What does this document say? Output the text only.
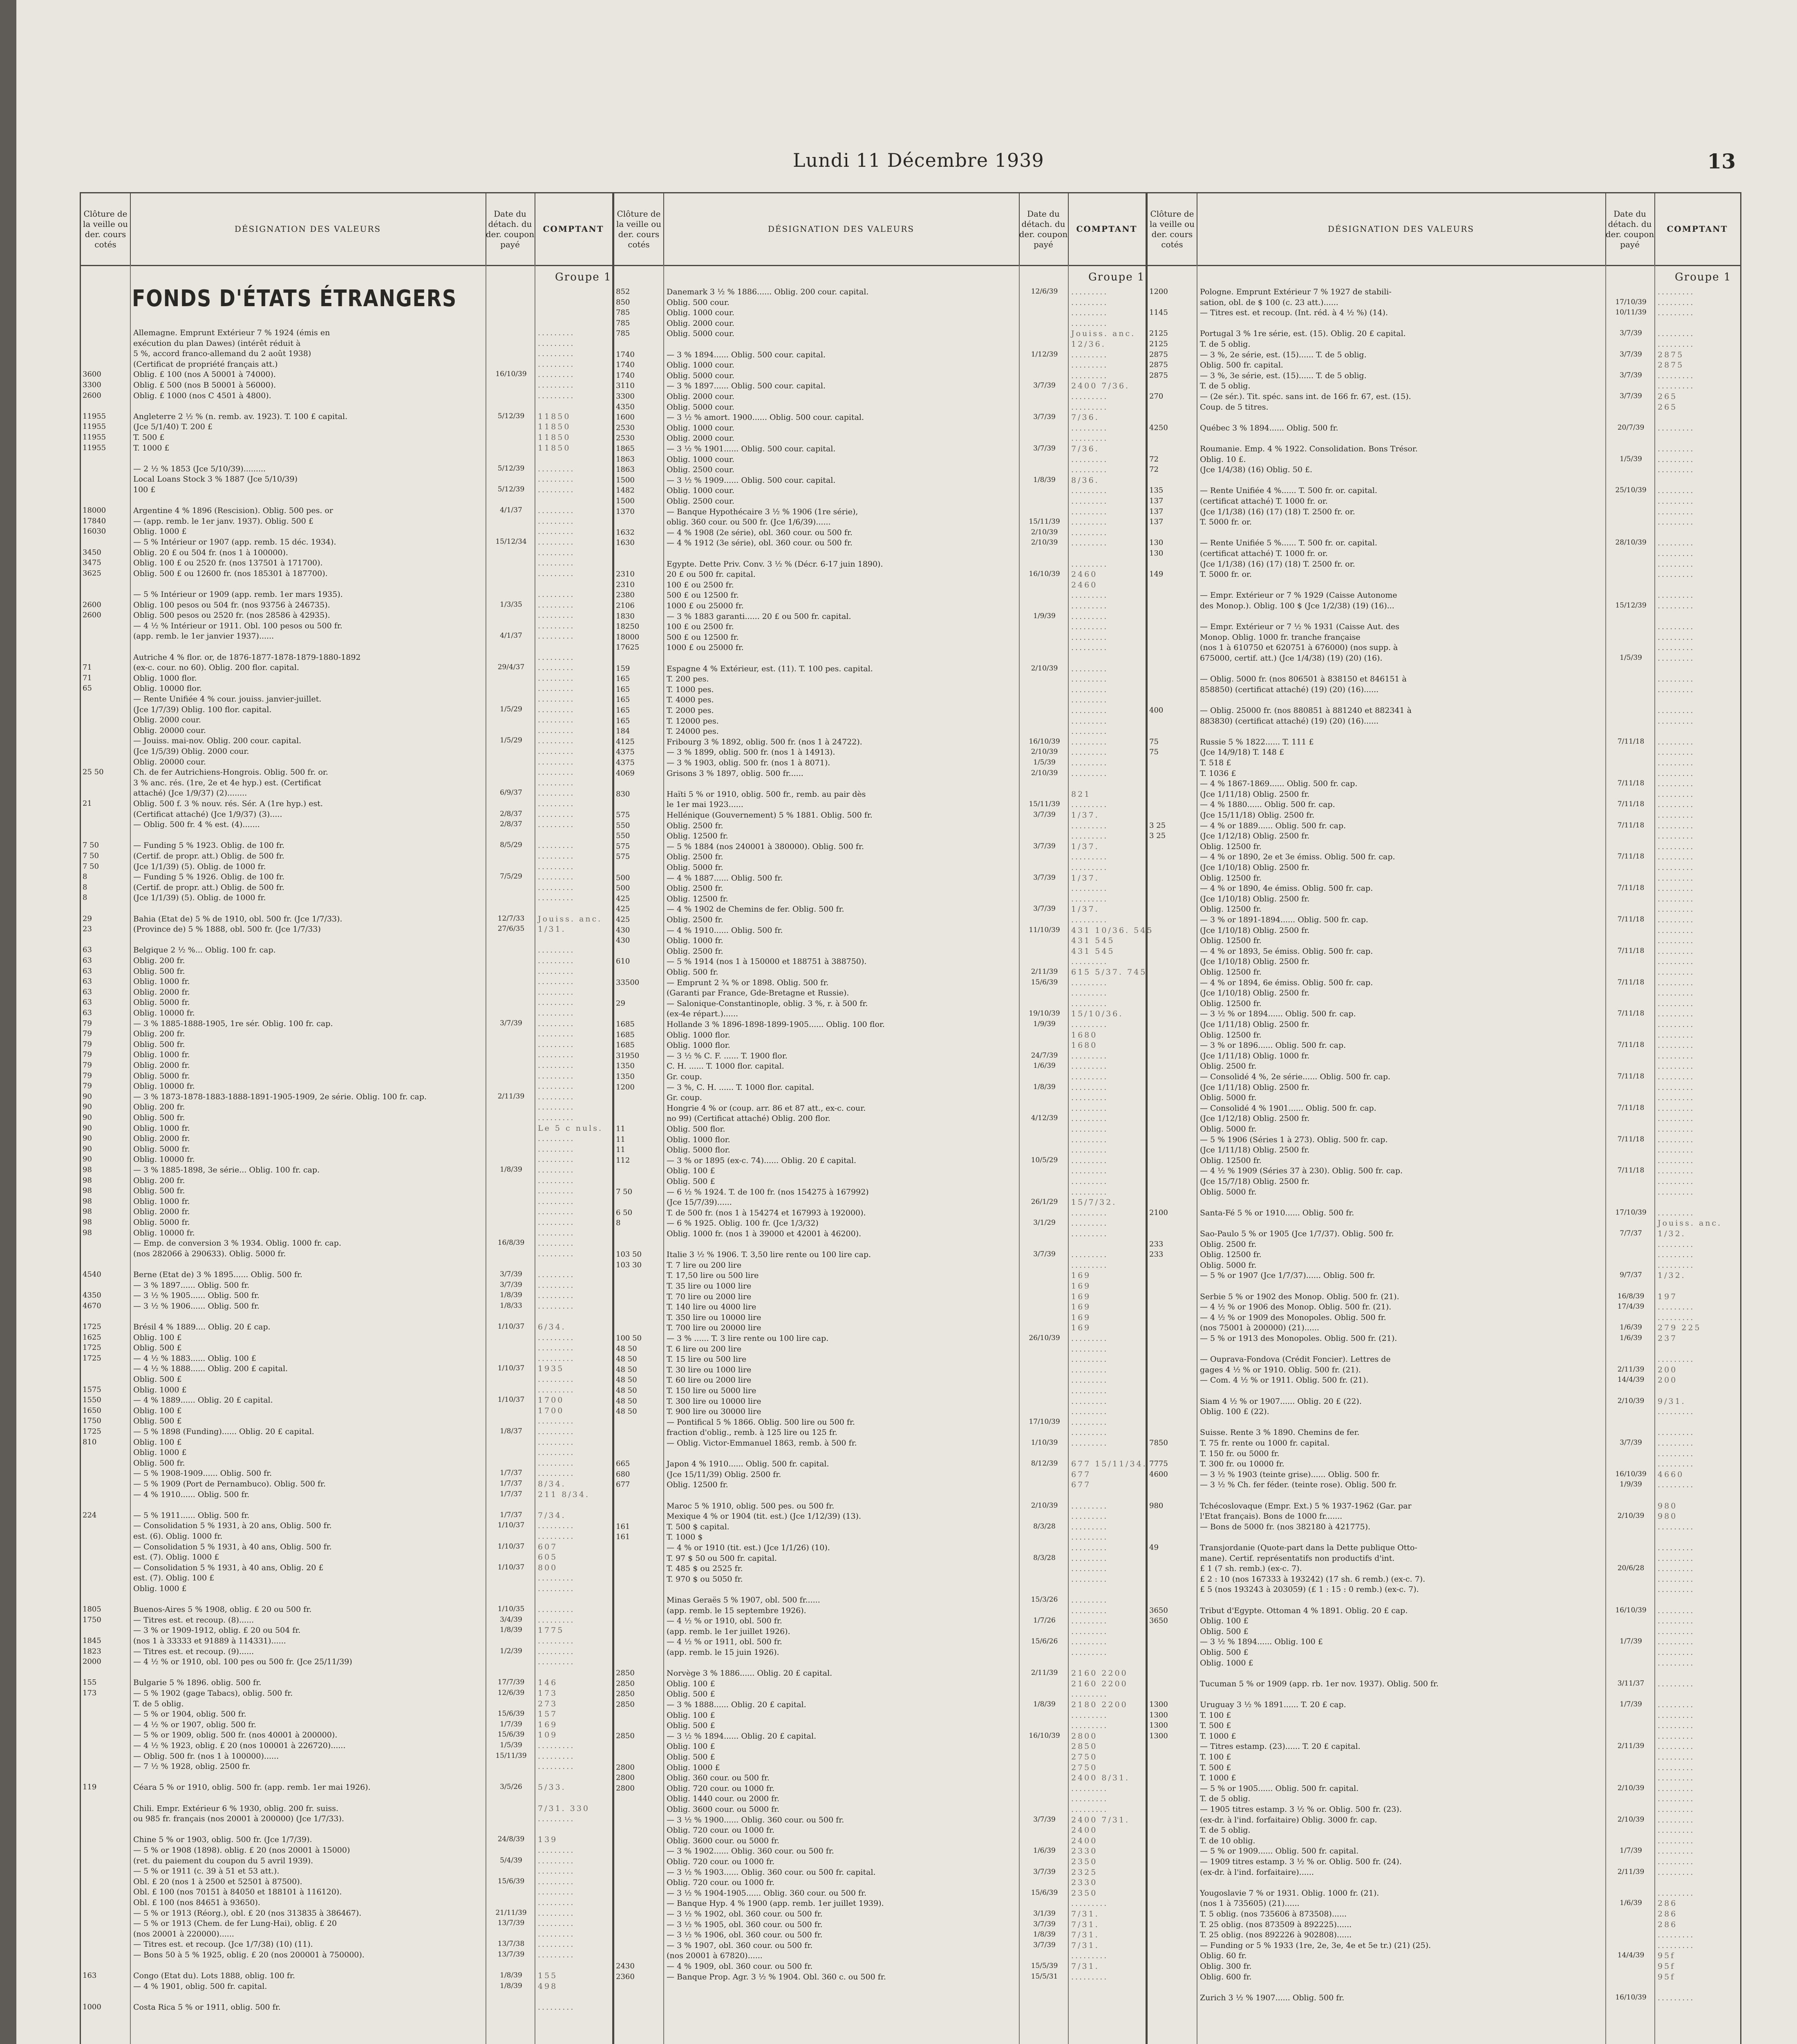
Lundi 11 Décembre 1939	13
Clôture de la veille ou der. cours cotés
DÉSIGNATION DES VALEURS
Date du détach. du der. coupon payé
COMPTANT
Groupe 1
FONDS D'ÉTATS ÉTRANGERS
Allemagne. Emprunt Extérieur 7 % 1924 (émis en	.........
exécution du plan Dawes) (intérêt réduit à	.........
5 %, accord franco-allemand du 2 août 1938)	.........
(Certificat de propriété français att.)	.........
3600	Oblig. £ 100 (nos A 50001 à 74000).	16/10/39	.........
3300	Oblig. £ 500 (nos B 50001 à 56000).	.........
2600	Oblig. £ 1000 (nos C 4501 à 4800).	.........
11955	Angleterre 2 ½ % (n. remb. av. 1923). T. 100 £ capital.	5/12/39	11850
11955	(Jce 5/1/40) T. 200 £	11850
11955	T. 500 £	11850
11955	T. 1000 £	11850
— 2 ½ % 1853 (Jce 5/10/39).........	5/12/39	.........
Local Loans Stock 3 % 1887 (Jce 5/10/39)	.........
100 £	5/12/39	.........
18000	Argentine 4 % 1896 (Rescision). Oblig. 500 pes. or	4/1/37	.........
17840	— (app. remb. le 1er janv. 1937). Oblig. 500 £	.........
16030	Oblig. 1000 £	.........
— 5 % Intérieur or 1907 (app. remb. 15 déc. 1934).	15/12/34	.........
3450	Oblig. 20 £ ou 504 fr. (nos 1 à 100000).	.........
3475	Oblig. 100 £ ou 2520 fr. (nos 137501 à 171700).	.........
3625	Oblig. 500 £ ou 12600 fr. (nos 185301 à 187700).	.........
— 5 % Intérieur or 1909 (app. remb. 1er mars 1935).	.........
2600	Oblig. 100 pesos ou 504 fr. (nos 93756 à 246735).	1/3/35	.........
2600	Oblig. 500 pesos ou 2520 fr. (nos 28586 à 42935).	.........
— 4 ½ % Intérieur or 1911. Obl. 100 pesos ou 500 fr.	.........
(app. remb. le 1er janvier 1937)......	4/1/37	.........
Autriche 4 % flor. or, de 1876-1877-1878-1879-1880-1892	.........
71	(ex-c. cour. no 60). Oblig. 200 flor. capital.	29/4/37	.........
71	Oblig. 1000 flor.	.........
65	Oblig. 10000 flor.	.........
— Rente Unifiée 4 % cour. jouiss. janvier-juillet.	.........
(Jce 1/7/39) Oblig. 100 flor. capital.	1/5/29	.........
Oblig. 2000 cour.	.........
Oblig. 20000 cour.	.........
— Jouiss. mai-nov. Oblig. 200 cour. capital.	1/5/29	.........
(Jce 1/5/39) Oblig. 2000 cour.	.........
Oblig. 20000 cour.	.........
25 50	Ch. de fer Autrichiens-Hongrois. Oblig. 500 fr. or.	.........
3 % anc. rés. (1re, 2e et 4e hyp.) est. (Certificat	.........
attaché) (Jce 1/9/37) (2)........	6/9/37	.........
21	Oblig. 500 f. 3 % nouv. rés. Sér. A (1re hyp.) est.	.........
(Certificat attaché) (Jce 1/9/37) (3).....	2/8/37	.........
— Oblig. 500 fr. 4 % est. (4).......	2/8/37	.........
7 50	— Funding 5 % 1923. Oblig. de 100 fr.	8/5/29	.........
7 50	(Certif. de propr. att.) Oblig. de 500 fr.	.........
7 50	(Jce 1/1/39) (5). Oblig. de 1000 fr.	.........
8	— Funding 5 % 1926. Oblig. de 100 fr.	7/5/29	.........
8	(Certif. de propr. att.) Oblig. de 500 fr.	.........
8	(Jce 1/1/39) (5). Oblig. de 1000 fr.	.........
29	Bahia (Etat de) 5 % de 1910, obl. 500 fr. (Jce 1/7/33).	12/7/33	Jouiss. anc.
23	(Province de) 5 % 1888, obl. 500 fr. (Jce 1/7/33)	27/6/35	1/31.
63	Belgique 2 ½ %... Oblig. 100 fr. cap.	.........
63	Oblig. 200 fr.	.........
63	Oblig. 500 fr.	.........
63	Oblig. 1000 fr.	.........
63	Oblig. 2000 fr.	.........
63	Oblig. 5000 fr.	.........
63	Oblig. 10000 fr.	.........
79	— 3 % 1885-1888-1905, 1re sér. Oblig. 100 fr. cap.	3/7/39	.........
79	Oblig. 200 fr.	.........
79	Oblig. 500 fr.	.........
79	Oblig. 1000 fr.	.........
79	Oblig. 2000 fr.	.........
79	Oblig. 5000 fr.	.........
79	Oblig. 10000 fr.	.........
90	— 3 % 1873-1878-1883-1888-1891-1905-1909, 2e série. Oblig. 100 fr. cap.	2/11/39	.........
90	Oblig. 200 fr.	.........
90	Oblig. 500 fr.	.........
90	Oblig. 1000 fr.	Le 5 c nuls.
90	Oblig. 2000 fr.	.........
90	Oblig. 5000 fr.	.........
90	Oblig. 10000 fr.	.........
98	— 3 % 1885-1898, 3e série... Oblig. 100 fr. cap.	1/8/39	.........
98	Oblig. 200 fr.	.........
98	Oblig. 500 fr.	.........
98	Oblig. 1000 fr.	.........
98	Oblig. 2000 fr.	.........
98	Oblig. 5000 fr.	.........
98	Oblig. 10000 fr.	.........
— Emp. de conversion 3 % 1934. Oblig. 1000 fr. cap.	16/8/39	.........
(nos 282066 à 290633). Oblig. 5000 fr.	.........
4540	Berne (Etat de) 3 % 1895...... Oblig. 500 fr.	3/7/39	.........
— 3 % 1897...... Oblig. 500 fr.	3/7/39	.........
4350	— 3 ½ % 1905...... Oblig. 500 fr.	1/8/39	.........
4670	— 3 ½ % 1906...... Oblig. 500 fr.	1/8/33	.........
1725	Brésil 4 % 1889.... Oblig. 20 £ cap.	1/10/37	6/34.
1625	Oblig. 100 £	.........
1725	Oblig. 500 £	.........
1725	— 4 ½ % 1883...... Oblig. 100 £	.........
— 4 ½ % 1888...... Oblig. 200 £ capital.	1/10/37	1935
Oblig. 500 £	.........
1575	Oblig. 1000 £	.........
1550	— 4 % 1889...... Oblig. 20 £ capital.	1/10/37	1700
1650	Oblig. 100 £	1700
1750	Oblig. 500 £	.........
1725	— 5 % 1898 (Funding)...... Oblig. 20 £ capital.	1/8/37	.........
810	Oblig. 100 £	.........
Oblig. 1000 £	.........
Oblig. 500 fr.	.........
— 5 % 1908-1909...... Oblig. 500 fr.	1/7/37	.........
— 5 % 1909 (Port de Pernambuco). Oblig. 500 fr.	1/7/37	8/34.
— 4 % 1910...... Oblig. 500 fr.	1/7/37	211 8/34.
224	— 5 % 1911...... Oblig. 500 fr.	1/7/37	7/34.
— Consolidation 5 % 1931, à 20 ans, Oblig. 500 fr.	1/10/37	.........
est. (6). Oblig. 1000 fr.	.........
— Consolidation 5 % 1931, à 40 ans, Oblig. 500 fr.	1/10/37	607
est. (7). Oblig. 1000 £	605
— Consolidation 5 % 1931, à 40 ans, Oblig. 20 £	1/10/37	800
est. (7). Oblig. 100 £	.........
Oblig. 1000 £	.........
1805	Buenos-Aires 5 % 1908, oblig. £ 20 ou 500 fr.	1/10/35	.........
1750	— Titres est. et recoup. (8)......	3/4/39	.........
— 3 % or 1909-1912, oblig. £ 20 ou 504 fr.	1/8/39	1775
1845	(nos 1 à 33333 et 91889 à 114331)......	.........
1823	— Titres est. et recoup. (9)......	1/2/39	.........
2000	— 4 ½ % or 1910, obl. 100 pes ou 500 fr. (Jce 25/11/39)	.........
155	Bulgarie 5 % 1896. oblig. 500 fr.	17/7/39	146
173	— 5 % 1902 (gage Tabacs), oblig. 500 fr.	12/6/39	173
T. de 5 oblig.	273
— 5 % or 1904, oblig. 500 fr.	15/6/39	157
— 4 ½ % or 1907, oblig. 500 fr.	1/7/39	169
— 5 % or 1909, oblig. 500 fr. (nos 40001 à 200000).	15/6/39	109
— 4 ½ % 1923, oblig. £ 20 (nos 100001 à 226720)......	1/5/39	.........
— Oblig. 500 fr. (nos 1 à 100000)......	15/11/39	.........
— 7 ½ % 1928, oblig. 2500 fr.	.........
119	Céara 5 % or 1910, oblig. 500 fr. (app. remb. 1er mai 1926).	3/5/26	5/33.
Chili. Empr. Extérieur 6 % 1930, oblig. 200 fr. suiss.	7/31. 330
ou 985 fr. français (nos 20001 à 200000) (Jce 1/7/33).	.........
Chine 5 % or 1903, oblig. 500 fr. (Jce 1/7/39).	24/8/39	139
— 5 % or 1908 (1898). oblig. £ 20 (nos 20001 à 15000)	.........
(ret. du paiement du coupon du 5 avril 1939).	5/4/39	.........
— 5 % or 1911 (c. 39 à 51 et 53 att.).	.........
Obl. £ 20 (nos 1 à 2500 et 52501 à 87500).	15/6/39	.........
Obl. £ 100 (nos 70151 à 84050 et 188101 à 116120).	.........
Obl. £ 100 (nos 84651 à 93650).	.........
— 5 % or 1913 (Réorg.), obl. £ 20 (nos 313835 à 386467).	21/11/39	.........
— 5 % or 1913 (Chem. de fer Lung-Hai), oblig. £ 20	13/7/39	.........
(nos 20001 à 220000)......	.........
— Titres est. et recoup. (Jce 1/7/38) (10) (11).	13/7/38	.........
— Bons 50 à 5 % 1925, oblig. £ 20 (nos 200001 à 750000).	13/7/39	.........
163	Congo (Etat du). Lots 1888, oblig. 100 fr.	1/8/39	155
— 4 % 1901, oblig. 500 fr. capital.	1/8/39	498
1000	Costa Rica 5 % or 1911, oblig. 500 fr.	.........
Clôture de la veille ou der. cours cotés
DÉSIGNATION DES VALEURS
Date du détach. du der. coupon payé
COMPTANT
Groupe 1
852	Danemark 3 ½ % 1886...... Oblig. 200 cour. capital.	12/6/39	.........
850	Oblig. 500 cour.	.........
785	Oblig. 1000 cour.	.........
785	Oblig. 2000 cour.	.........
785	Oblig. 5000 cour.	Jouiss. anc.
12/36.
1740	— 3 % 1894...... Oblig. 500 cour. capital.	1/12/39	.........
1740	Oblig. 1000 cour.	.........
1740	Oblig. 5000 cour.	.........
3110	— 3 % 1897...... Oblig. 500 cour. capital.	3/7/39	2400 7/36.
3300	Oblig. 2000 cour.	.........
4350	Oblig. 5000 cour.	.........
1600	— 3 ½ % amort. 1900...... Oblig. 500 cour. capital.	3/7/39	7/36.
2530	Oblig. 1000 cour.	.........
2530	Oblig. 2000 cour.	.........
1865	— 3 ½ % 1901...... Oblig. 500 cour. capital.	3/7/39	7/36.
1863	Oblig. 1000 cour.	.........
1863	Oblig. 2500 cour.	.........
1500	— 3 ½ % 1909...... Oblig. 500 cour. capital.	1/8/39	8/36.
1482	Oblig. 1000 cour.	.........
1500	Oblig. 2500 cour.	.........
1370	— Banque Hypothécaire 3 ½ % 1906 (1re série),	.........
oblig. 360 cour. ou 500 fr. (Jce 1/6/39)......	15/11/39	.........
1632	— 4 % 1908 (2e série), obl. 360 cour. ou 500 fr.	2/10/39	.........
1630	— 4 % 1912 (3e série), obl. 360 cour. ou 500 fr.	2/10/39	.........
Egypte. Dette Priv. Conv. 3 ½ % (Décr. 6-17 juin 1890).	.........
2310	20 £ ou 500 fr. capital.	16/10/39	2460
2310	100 £ ou 2500 fr.	2460
2380	500 £ ou 12500 fr.	.........
2106	1000 £ ou 25000 fr.	.........
1830	— 3 % 1883 garanti...... 20 £ ou 500 fr. capital.	1/9/39	.........
18250	100 £ ou 2500 fr.	.........
18000	500 £ ou 12500 fr.	.........
17625	1000 £ ou 25000 fr.	.........
159	Espagne 4 % Extérieur, est. (11). T. 100 pes. capital.	2/10/39	.........
165	T. 200 pes.	.........
165	T. 1000 pes.	.........
165	T. 4000 pes.	.........
165	T. 2000 pes.	.........
165	T. 12000 pes.	.........
184	T. 24000 pes.	.........
4125	Fribourg 3 % 1892, oblig. 500 fr. (nos 1 à 24722).	16/10/39	.........
4375	— 3 % 1899, oblig. 500 fr. (nos 1 à 14913).	2/10/39	.........
4375	— 3 % 1903, oblig. 500 fr. (nos 1 à 8071).	1/5/39	.........
4069	Grisons 3 % 1897, oblig. 500 fr......	2/10/39	.........
830	Haïti 5 % or 1910, oblig. 500 fr., remb. au pair dès	821
le 1er mai 1923......	15/11/39	.........
575	Hellénique (Gouvernement) 5 % 1881. Oblig. 500 fr.	3/7/39	1/37.
550	Oblig. 2500 fr.	.........
550	Oblig. 12500 fr.	.........
575	— 5 % 1884 (nos 240001 à 380000). Oblig. 500 fr.	3/7/39	1/37.
575	Oblig. 2500 fr.	.........
Oblig. 5000 fr.	.........
500	— 4 % 1887...... Oblig. 500 fr.	3/7/39	1/37.
500	Oblig. 2500 fr.	.........
425	Oblig. 12500 fr.	.........
425	— 4 % 1902 de Chemins de fer. Oblig. 500 fr.	3/7/39	1/37.
425	Oblig. 2500 fr.	.........
430	— 4 % 1910...... Oblig. 500 fr.	11/10/39	431 10/36. 545
430	Oblig. 1000 fr.	431 545
Oblig. 2500 fr.	431 545
610	— 5 % 1914 (nos 1 à 150000 et 188751 à 388750).	.........
Oblig. 500 fr.	2/11/39	615 5/37. 745
33500	— Emprunt 2 ¾ % or 1898. Oblig. 500 fr.	15/6/39	.........
(Garanti par France, Gde-Bretagne et Russie).	.........
29	— Salonique-Constantinople, oblig. 3 %, r. à 500 fr.	.........
(ex-4e répart.)......	19/10/39	15/10/36.
1685	Hollande 3 % 1896-1898-1899-1905...... Oblig. 100 flor.	1/9/39	.........
1685	Oblig. 1000 flor.	1680
1685	Oblig. 1000 flor.	1680
31950	— 3 ½ % C. F. ...... T. 1900 flor.	24/7/39	.........
1350	C. H. ...... T. 1000 flor. capital.	1/6/39	.........
1350	Gr. coup.	.........
1200	— 3 %, C. H. ...... T. 1000 flor. capital.	1/8/39	.........
Gr. coup.	.........
Hongrie 4 % or (coup. arr. 86 et 87 att., ex-c. cour.	.........
no 99) (Certificat attaché) Oblig. 200 flor.	4/12/39	.........
11	Oblig. 500 flor.	.........
11	Oblig. 1000 flor.	.........
11	Oblig. 5000 flor.	.........
112	— 3 % or 1895 (ex-c. 74)...... Oblig. 20 £ capital.	10/5/29	.........
Oblig. 100 £	.........
Oblig. 500 £	.........
7 50	— 6 ½ % 1924. T. de 100 fr. (nos 154275 à 167992)	.........
(Jce 15/7/39)......	26/1/29	15/7/32.
6 50	T. de 500 fr. (nos 1 à 154274 et 167993 à 192000).	.........
8	— 6 % 1925. Oblig. 100 fr. (Jce 1/3/32)	3/1/29	.........
Oblig. 1000 fr. (nos 1 à 39000 et 42001 à 46200).	.........
103 50	Italie 3 ½ % 1906. T. 3,50 lire rente ou 100 lire cap.	3/7/39	.........
103 30	T. 7 lire ou 200 lire	.........
T. 17,50 lire ou 500 lire	169
T. 35 lire ou 1000 lire	169
T. 70 lire ou 2000 lire	169
T. 140 lire ou 4000 lire	169
T. 350 lire ou 10000 lire	169
T. 700 lire ou 20000 lire	169
100 50	— 3 % ...... T. 3 lire rente ou 100 lire cap.	26/10/39	.........
48 50	T. 6 lire ou 200 lire	.........
48 50	T. 15 lire ou 500 lire	.........
48 50	T. 30 lire ou 1000 lire	.........
48 50	T. 60 lire ou 2000 lire	.........
48 50	T. 150 lire ou 5000 lire	.........
48 50	T. 300 lire ou 10000 lire	.........
48 50	T. 900 lire ou 30000 lire	.........
— Pontifical 5 % 1866. Oblig. 500 lire ou 500 fr.	17/10/39	.........
fraction d'oblig., remb. à 125 lire ou 125 fr.	.........
— Oblig. Victor-Emmanuel 1863, remb. à 500 fr.	1/10/39	.........
665	Japon 4 % 1910...... Oblig. 500 fr. capital.	8/12/39	677 15/11/34.
680	(Jce 15/11/39) Oblig. 2500 fr.	677
677	Oblig. 12500 fr.	677
Maroc 5 % 1910, oblig. 500 pes. ou 500 fr.	2/10/39	.........
Mexique 4 % or 1904 (tit. est.) (Jce 1/12/39) (13).	.........
161	T. 500 $ capital.	8/3/28	.........
161	T. 1000 $	.........
— 4 % or 1910 (tit. est.) (Jce 1/1/26) (10).	.........
T. 97 $ 50 ou 500 fr. capital.	8/3/28	.........
T. 485 $ ou 2525 fr.	.........
T. 970 $ ou 5050 fr.	.........
Minas Geraës 5 % 1907, obl. 500 fr......	15/3/26	.........
(app. remb. le 15 septembre 1926).	.........
— 4 ½ % or 1910, obl. 500 fr.	1/7/26	.........
(app. remb. le 1er juillet 1926).	.........
— 4 ½ % or 1911, obl. 500 fr.	15/6/26	.........
(app. remb. le 15 juin 1926).	.........
2850	Norvège 3 % 1886...... Oblig. 20 £ capital.	2/11/39	2160 2200
2850	Oblig. 100 £	2160 2200
2850	Oblig. 500 £	.........
2850	— 3 % 1888...... Oblig. 20 £ capital.	1/8/39	2180 2200
Oblig. 100 £	.........
Oblig. 500 £	.........
2850	— 3 ½ % 1894...... Oblig. 20 £ capital.	16/10/39	2800
Oblig. 100 £	2850
Oblig. 500 £	2750
2800	Oblig. 1000 £	2750
2800	Oblig. 360 cour. ou 500 fr.	2400 8/31.
2800	Oblig. 720 cour. ou 1000 fr.	.........
Oblig. 1440 cour. ou 2000 fr.	.........
Oblig. 3600 cour. ou 5000 fr.	.........
— 3 ½ % 1900...... Oblig. 360 cour. ou 500 fr.	3/7/39	2400 7/31.
Oblig. 720 cour. ou 1000 fr.	2400
Oblig. 3600 cour. ou 5000 fr.	2400
— 3 % 1902...... Oblig. 360 cour. ou 500 fr.	1/6/39	2330
Oblig. 720 cour. ou 1000 fr.	2350
— 3 ½ % 1903...... Oblig. 360 cour. ou 500 fr. capital.	3/7/39	2325
Oblig. 720 cour. ou 1000 fr.	2330
— 3 ½ % 1904-1905...... Oblig. 360 cour. ou 500 fr.	15/6/39	2350
— Banque Hyp. 4 % 1900 (app. remb. 1er juillet 1939).	.........
— 3 ½ % 1902, obl. 360 cour. ou 500 fr.	3/1/39	7/31.
— 3 ½ % 1905, obl. 360 cour. ou 500 fr.	3/7/39	7/31.
— 3 ½ % 1906, obl. 360 cour. ou 500 fr.	1/8/39	7/31.
— 3 % 1907, obl. 360 cour. ou 500 fr.	3/7/39	7/31.
(nos 20001 à 67820)......	.........
2430	— 4 % 1909, obl. 360 cour. ou 500 fr.	15/5/39	7/31.
2360	— Banque Prop. Agr. 3 ½ % 1904. Obl. 360 c. ou 500 fr.	15/5/31	.........
Clôture de la veille ou der. cours cotés
DÉSIGNATION DES VALEURS
Date du détach. du der. coupon payé
COMPTANT
Groupe 1
1200	Pologne. Emprunt Extérieur 7 % 1927 de stabili-	.........
sation, obl. de $ 100 (c. 23 att.)......	17/10/39	.........
1145	— Titres est. et recoup. (Int. réd. à 4 ½ %) (14).	10/11/39	.........
2125	Portugal 3 % 1re série, est. (15). Oblig. 20 £ capital.	3/7/39	.........
2125	T. de 5 oblig.	.........
2875	— 3 %, 2e série, est. (15)...... T. de 5 oblig.	3/7/39	2875
2875	Oblig. 500 fr. capital.	2875
2875	— 3 %, 3e série, est. (15)...... T. de 5 oblig.	3/7/39	.........
T. de 5 oblig.	.........
270	— (2e sér.). Tit. spéc. sans int. de 166 fr. 67, est. (15).	3/7/39	265
Coup. de 5 titres.	265
4250	Québec 3 % 1894...... Oblig. 500 fr.	20/7/39	.........
Roumanie. Emp. 4 % 1922. Consolidation. Bons Trésor.	.........
72	Oblig. 10 £.	1/5/39	.........
72	(Jce 1/4/38) (16) Oblig. 50 £.	.........
135	— Rente Unifiée 4 %...... T. 500 fr. or. capital.	25/10/39	.........
137	(certificat attaché) T. 1000 fr. or.	.........
137	(Jce 1/1/38) (16) (17) (18) T. 2500 fr. or.	.........
137	T. 5000 fr. or.	.........
130	— Rente Unifiée 5 %...... T. 500 fr. or. capital.	28/10/39	.........
130	(certificat attaché) T. 1000 fr. or.	.........
(Jce 1/1/38) (16) (17) (18) T. 2500 fr. or.	.........
149	T. 5000 fr. or.	.........
— Empr. Extérieur or 7 % 1929 (Caisse Autonome	.........
des Monop.). Oblig. 100 $ (Jce 1/2/38) (19) (16)...	15/12/39	.........
— Empr. Extérieur or 7 ½ % 1931 (Caisse Aut. des	.........
Monop. Oblig. 1000 fr. tranche française	.........
(nos 1 à 610750 et 620751 à 676000) (nos supp. à	.........
675000, certif. att.) (Jce 1/4/38) (19) (20) (16).	1/5/39	.........
— Oblig. 5000 fr. (nos 806501 à 838150 et 846151 à	.........
858850) (certificat attaché) (19) (20) (16)......	.........
400	— Oblig. 25000 fr. (nos 880851 à 881240 et 882341 à	.........
883830) (certificat attaché) (19) (20) (16)......	.........
75	Russie 5 % 1822...... T. 111 £	7/11/18	.........
75	(Jce 14/9/18) T. 148 £	.........
T. 518 £	.........
T. 1036 £	.........
— 4 % 1867-1869...... Oblig. 500 fr. cap.	7/11/18	.........
(Jce 1/11/18) Oblig. 2500 fr.	.........
— 4 % 1880...... Oblig. 500 fr. cap.	7/11/18	.........
(Jce 15/11/18) Oblig. 2500 fr.	.........
3 25	— 4 % or 1889...... Oblig. 500 fr. cap.	7/11/18	.........
3 25	(Jce 1/12/18) Oblig. 2500 fr.	.........
Oblig. 12500 fr.	.........
— 4 % or 1890, 2e et 3e émiss. Oblig. 500 fr. cap.	7/11/18	.........
(Jce 1/10/18) Oblig. 2500 fr.	.........
Oblig. 12500 fr.	.........
— 4 % or 1890, 4e émiss. Oblig. 500 fr. cap.	7/11/18	.........
(Jce 1/10/18) Oblig. 2500 fr.	.........
Oblig. 12500 fr.	.........
— 3 % or 1891-1894...... Oblig. 500 fr. cap.	7/11/18	.........
(Jce 1/10/18) Oblig. 2500 fr.	.........
Oblig. 12500 fr.	.........
— 4 % or 1893, 5e émiss. Oblig. 500 fr. cap.	7/11/18	.........
(Jce 1/10/18) Oblig. 2500 fr.	.........
Oblig. 12500 fr.	.........
— 4 % or 1894, 6e émiss. Oblig. 500 fr. cap.	7/11/18	.........
(Jce 1/10/18) Oblig. 2500 fr.	.........
Oblig. 12500 fr.	.........
— 3 ½ % or 1894...... Oblig. 500 fr. cap.	7/11/18	.........
(Jce 1/11/18) Oblig. 2500 fr.	.........
Oblig. 12500 fr.	.........
— 3 % or 1896...... Oblig. 500 fr. cap.	7/11/18	.........
(Jce 1/11/18) Oblig. 1000 fr.	.........
Oblig. 2500 fr.	.........
— Consolidé 4 %, 2e série...... Oblig. 500 fr. cap.	7/11/18	.........
(Jce 1/11/18) Oblig. 2500 fr.	.........
Oblig. 5000 fr.	.........
— Consolidé 4 % 1901...... Oblig. 500 fr. cap.	7/11/18	.........
(Jce 1/12/18) Oblig. 2500 fr.	.........
Oblig. 5000 fr.	.........
— 5 % 1906 (Séries 1 à 273). Oblig. 500 fr. cap.	7/11/18	.........
(Jce 1/11/18) Oblig. 2500 fr.	.........
Oblig. 12500 fr.	.........
— 4 ½ % 1909 (Séries 37 à 230). Oblig. 500 fr. cap.	7/11/18	.........
(Jce 15/7/18) Oblig. 2500 fr.	.........
Oblig. 5000 fr.	.........
2100	Santa-Fé 5 % or 1910...... Oblig. 500 fr.	17/10/39	.........
Jouiss. anc.
Sao-Paulo 5 % or 1905 (Jce 1/7/37). Oblig. 500 fr.	7/7/37	1/32.
233	Oblig. 2500 fr.	.........
233	Oblig. 12500 fr.	.........
Oblig. 5000 fr.	.........
— 5 % or 1907 (Jce 1/7/37)...... Oblig. 500 fr.	9/7/37	1/32.
Serbie 5 % or 1902 des Monop. Oblig. 500 fr. (21).	16/8/39	197
— 4 ½ % or 1906 des Monop. Oblig. 500 fr. (21).	17/4/39	.........
— 4 ½ % or 1909 des Monopoles. Oblig. 500 fr.	.........
(nos 75001 à 200000) (21)......	1/6/39	279 225
— 5 % or 1913 des Monopoles. Oblig. 500 fr. (21).	1/6/39	237
— Ouprava-Fondova (Crédit Foncier). Lettres de	.........
gages 4 ½ % or 1910. Oblig. 500 fr. (21).	2/11/39	200
— Com. 4 ½ % or 1911. Oblig. 500 fr. (21).	14/4/39	200
Siam 4 ½ % or 1907...... Oblig. 20 £ (22).	2/10/39	9/31.
Oblig. 100 £ (22).	.........
Suisse. Rente 3 % 1890. Chemins de fer.	.........
7850	T. 75 fr. rente ou 1000 fr. capital.	3/7/39	.........
T. 150 fr. ou 5000 fr.	.........
7775	T. 300 fr. ou 10000 fr.	.........
4600	— 3 ½ % 1903 (teinte grise)...... Oblig. 500 fr.	16/10/39	4660
— 3 ½ % Ch. fer féder. (teinte rose). Oblig. 500 fr.	1/9/39	.........
980	Tchécoslovaque (Empr. Ext.) 5 % 1937-1962 (Gar. par	980
l'Etat français). Bons de 1000 fr.......	2/10/39	980
— Bons de 5000 fr. (nos 382180 à 421775).	.........
49	Transjordanie (Quote-part dans la Dette publique Otto-	.........
mane). Certif. représentatifs non productifs d'int.	.........
£ 1 (7 sh. remb.) (ex-c. 7).	20/6/28	.........
£ 2 : 10 (nos 167333 à 193242) (17 sh. 6 remb.) (ex-c. 7).	.........
£ 5 (nos 193243 à 203059) (£ 1 : 15 : 0 remb.) (ex-c. 7).	.........
3650	Tribut d'Egypte. Ottoman 4 % 1891. Oblig. 20 £ cap.	16/10/39	.........
3650	Oblig. 100 £	.........
Oblig. 500 £	.........
— 3 ½ % 1894...... Oblig. 100 £	1/7/39	.........
Oblig. 500 £	.........
Oblig. 1000 £	.........
Tucuman 5 % or 1909 (app. rb. 1er nov. 1937). Oblig. 500 fr.	3/11/37	.........
1300	Uruguay 3 ½ % 1891...... T. 20 £ cap.	1/7/39	.........
1300	T. 100 £	.........
1300	T. 500 £	.........
1300	T. 1000 £	.........
— Titres estamp. (23)...... T. 20 £ capital.	2/11/39	.........
T. 100 £	.........
T. 500 £	.........
T. 1000 £	.........
— 5 % or 1905...... Oblig. 500 fr. capital.	2/10/39	.........
T. de 5 oblig.	.........
— 1905 titres estamp. 3 ½ % or. Oblig. 500 fr. (23).	.........
(ex-dr. à l'ind. forfaitaire) Oblig. 3000 fr. cap.	2/10/39	.........
T. de 5 oblig.	.........
T. de 10 oblig.	.........
— 5 % or 1909...... Oblig. 500 fr. capital.	1/7/39	.........
— 1909 titres estamp. 3 ½ % or. Oblig. 500 fr. (24).	.........
(ex-dr. à l'ind. forfaitaire)......	2/11/39	.........
Yougoslavie 7 % or 1931. Oblig. 1000 fr. (21).	.........
(nos 1 à 735605) (21)......	1/6/39	286
T. 5 oblig. (nos 735606 à 873508)......	286
T. 25 oblig. (nos 873509 à 892225)......	286
T. 25 oblig. (nos 892226 à 902808)......	.........
— Funding or 5 % 1933 (1re, 2e, 3e, 4e et 5e tr.) (21) (25).	.........
Oblig. 60 fr.	14/4/39	95f
Oblig. 300 fr.	95f
Oblig. 600 fr.	95f
Zurich 3 ½ % 1907...... Oblig. 500 fr.	16/10/39	.........
